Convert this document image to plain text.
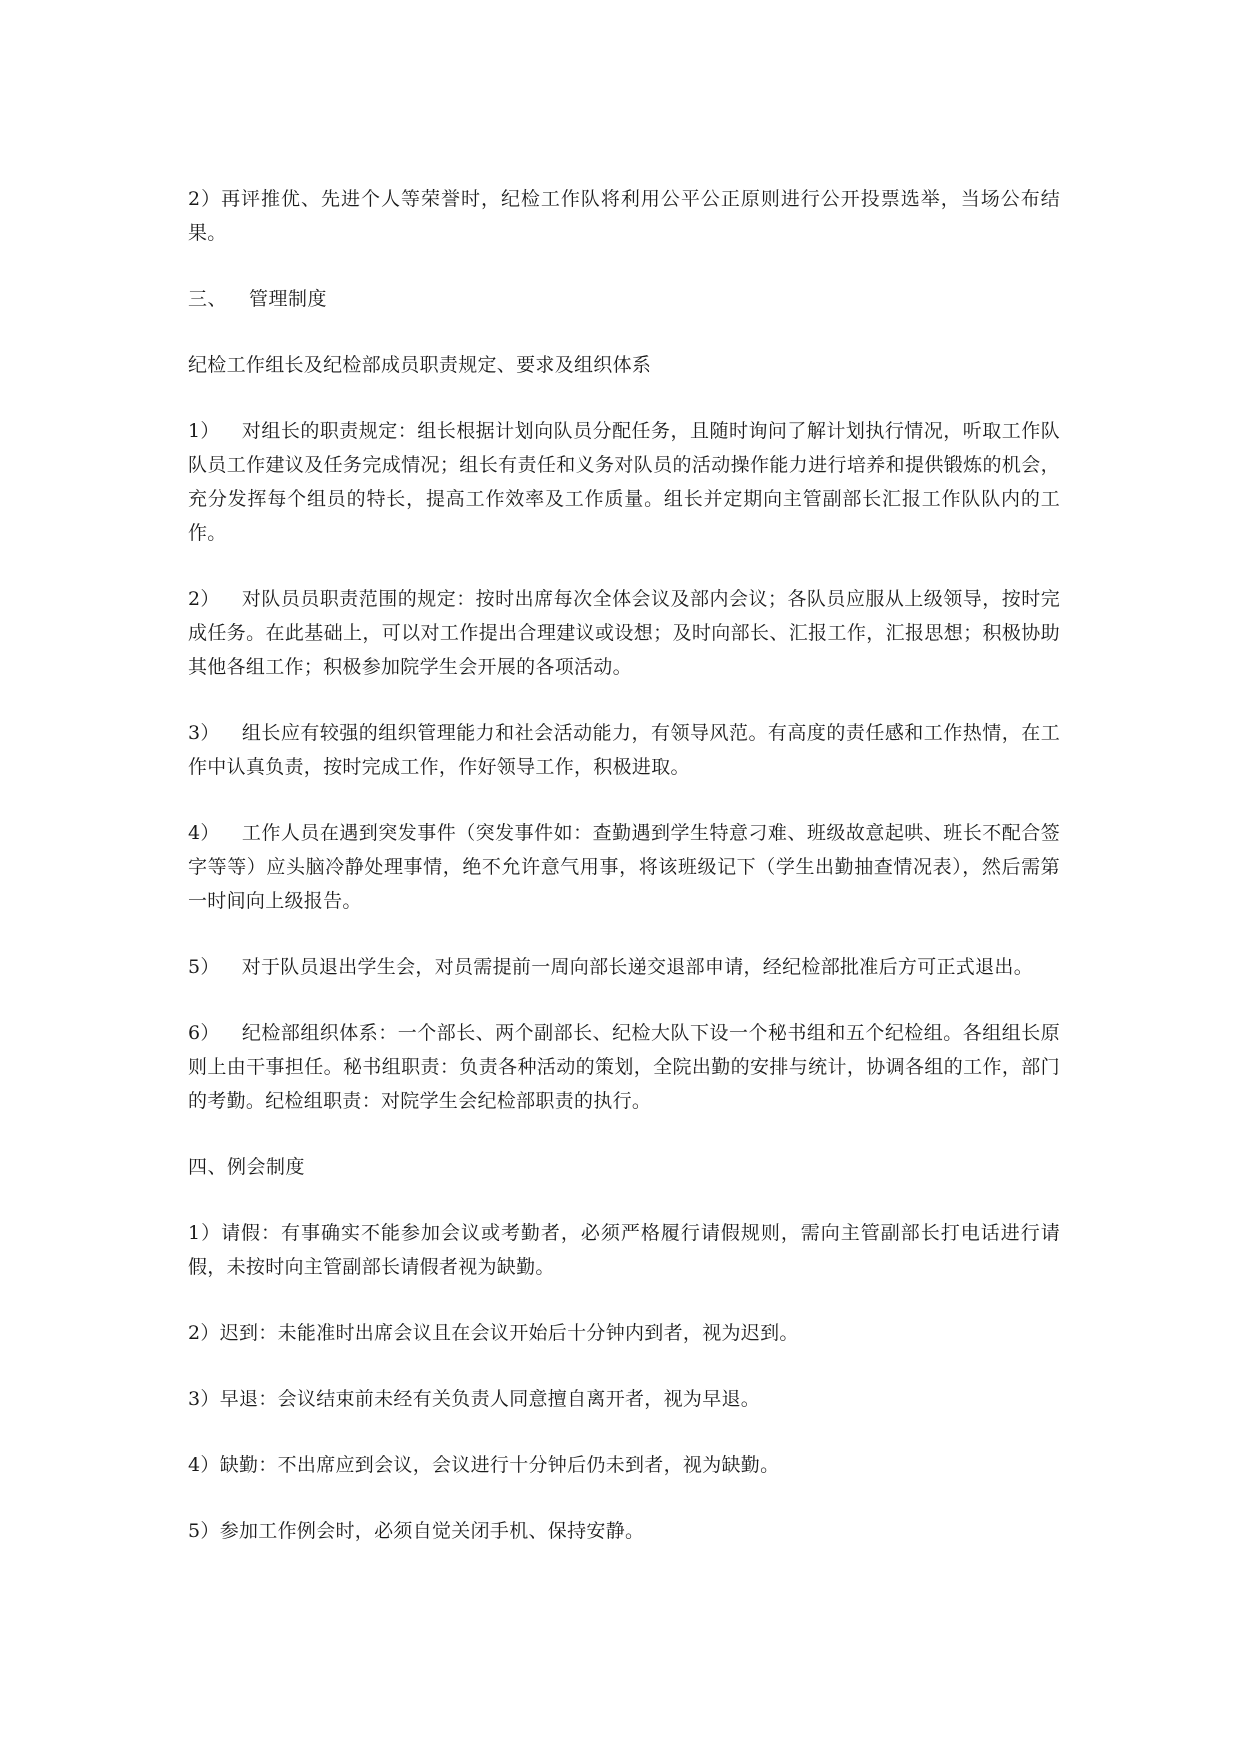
2）再评推优、先进个人等荣誉时，纪检工作队将利用公平公正原则进行公开投票选举，当场公布结果。

三、 管理制度

纪检工作组长及纪检部成员职责规定、要求及组织体系

1） 对组长的职责规定：组长根据计划向队员分配任务，且随时询问了解计划执行情况，听取工作队队员工作建议及任务完成情况；组长有责任和义务对队员的活动操作能力进行培养和提供锻炼的机会，充分发挥每个组员的特长，提高工作效率及工作质量。组长并定期向主管副部长汇报工作队队内的工作。

2） 对队员员职责范围的规定：按时出席每次全体会议及部内会议；各队员应服从上级领导，按时完成任务。在此基础上，可以对工作提出合理建议或设想；及时向部长、汇报工作，汇报思想；积极协助其他各组工作；积极参加院学生会开展的各项活动。

3） 组长应有较强的组织管理能力和社会活动能力，有领导风范。有高度的责任感和工作热情，在工作中认真负责，按时完成工作，作好领导工作，积极进取。

4） 工作人员在遇到突发事件（突发事件如：查勤遇到学生特意刁难、班级故意起哄、班长不配合签字等等）应头脑冷静处理事情，绝不允许意气用事，将该班级记下（学生出勤抽查情况表），然后需第一时间向上级报告。

5） 对于队员退出学生会，对员需提前一周向部长递交退部申请，经纪检部批准后方可正式退出。

6） 纪检部组织体系：一个部长、两个副部长、纪检大队下设一个秘书组和五个纪检组。各组组长原则上由干事担任。秘书组职责：负责各种活动的策划，全院出勤的安排与统计，协调各组的工作，部门的考勤。纪检组职责：对院学生会纪检部职责的执行。

四、例会制度

1）请假：有事确实不能参加会议或考勤者，必须严格履行请假规则，需向主管副部长打电话进行请假，未按时向主管副部长请假者视为缺勤。

2）迟到：未能准时出席会议且在会议开始后十分钟内到者，视为迟到。

3）早退：会议结束前未经有关负责人同意擅自离开者，视为早退。

4）缺勤：不出席应到会议，会议进行十分钟后仍未到者，视为缺勤。

5）参加工作例会时，必须自觉关闭手机、保持安静。
